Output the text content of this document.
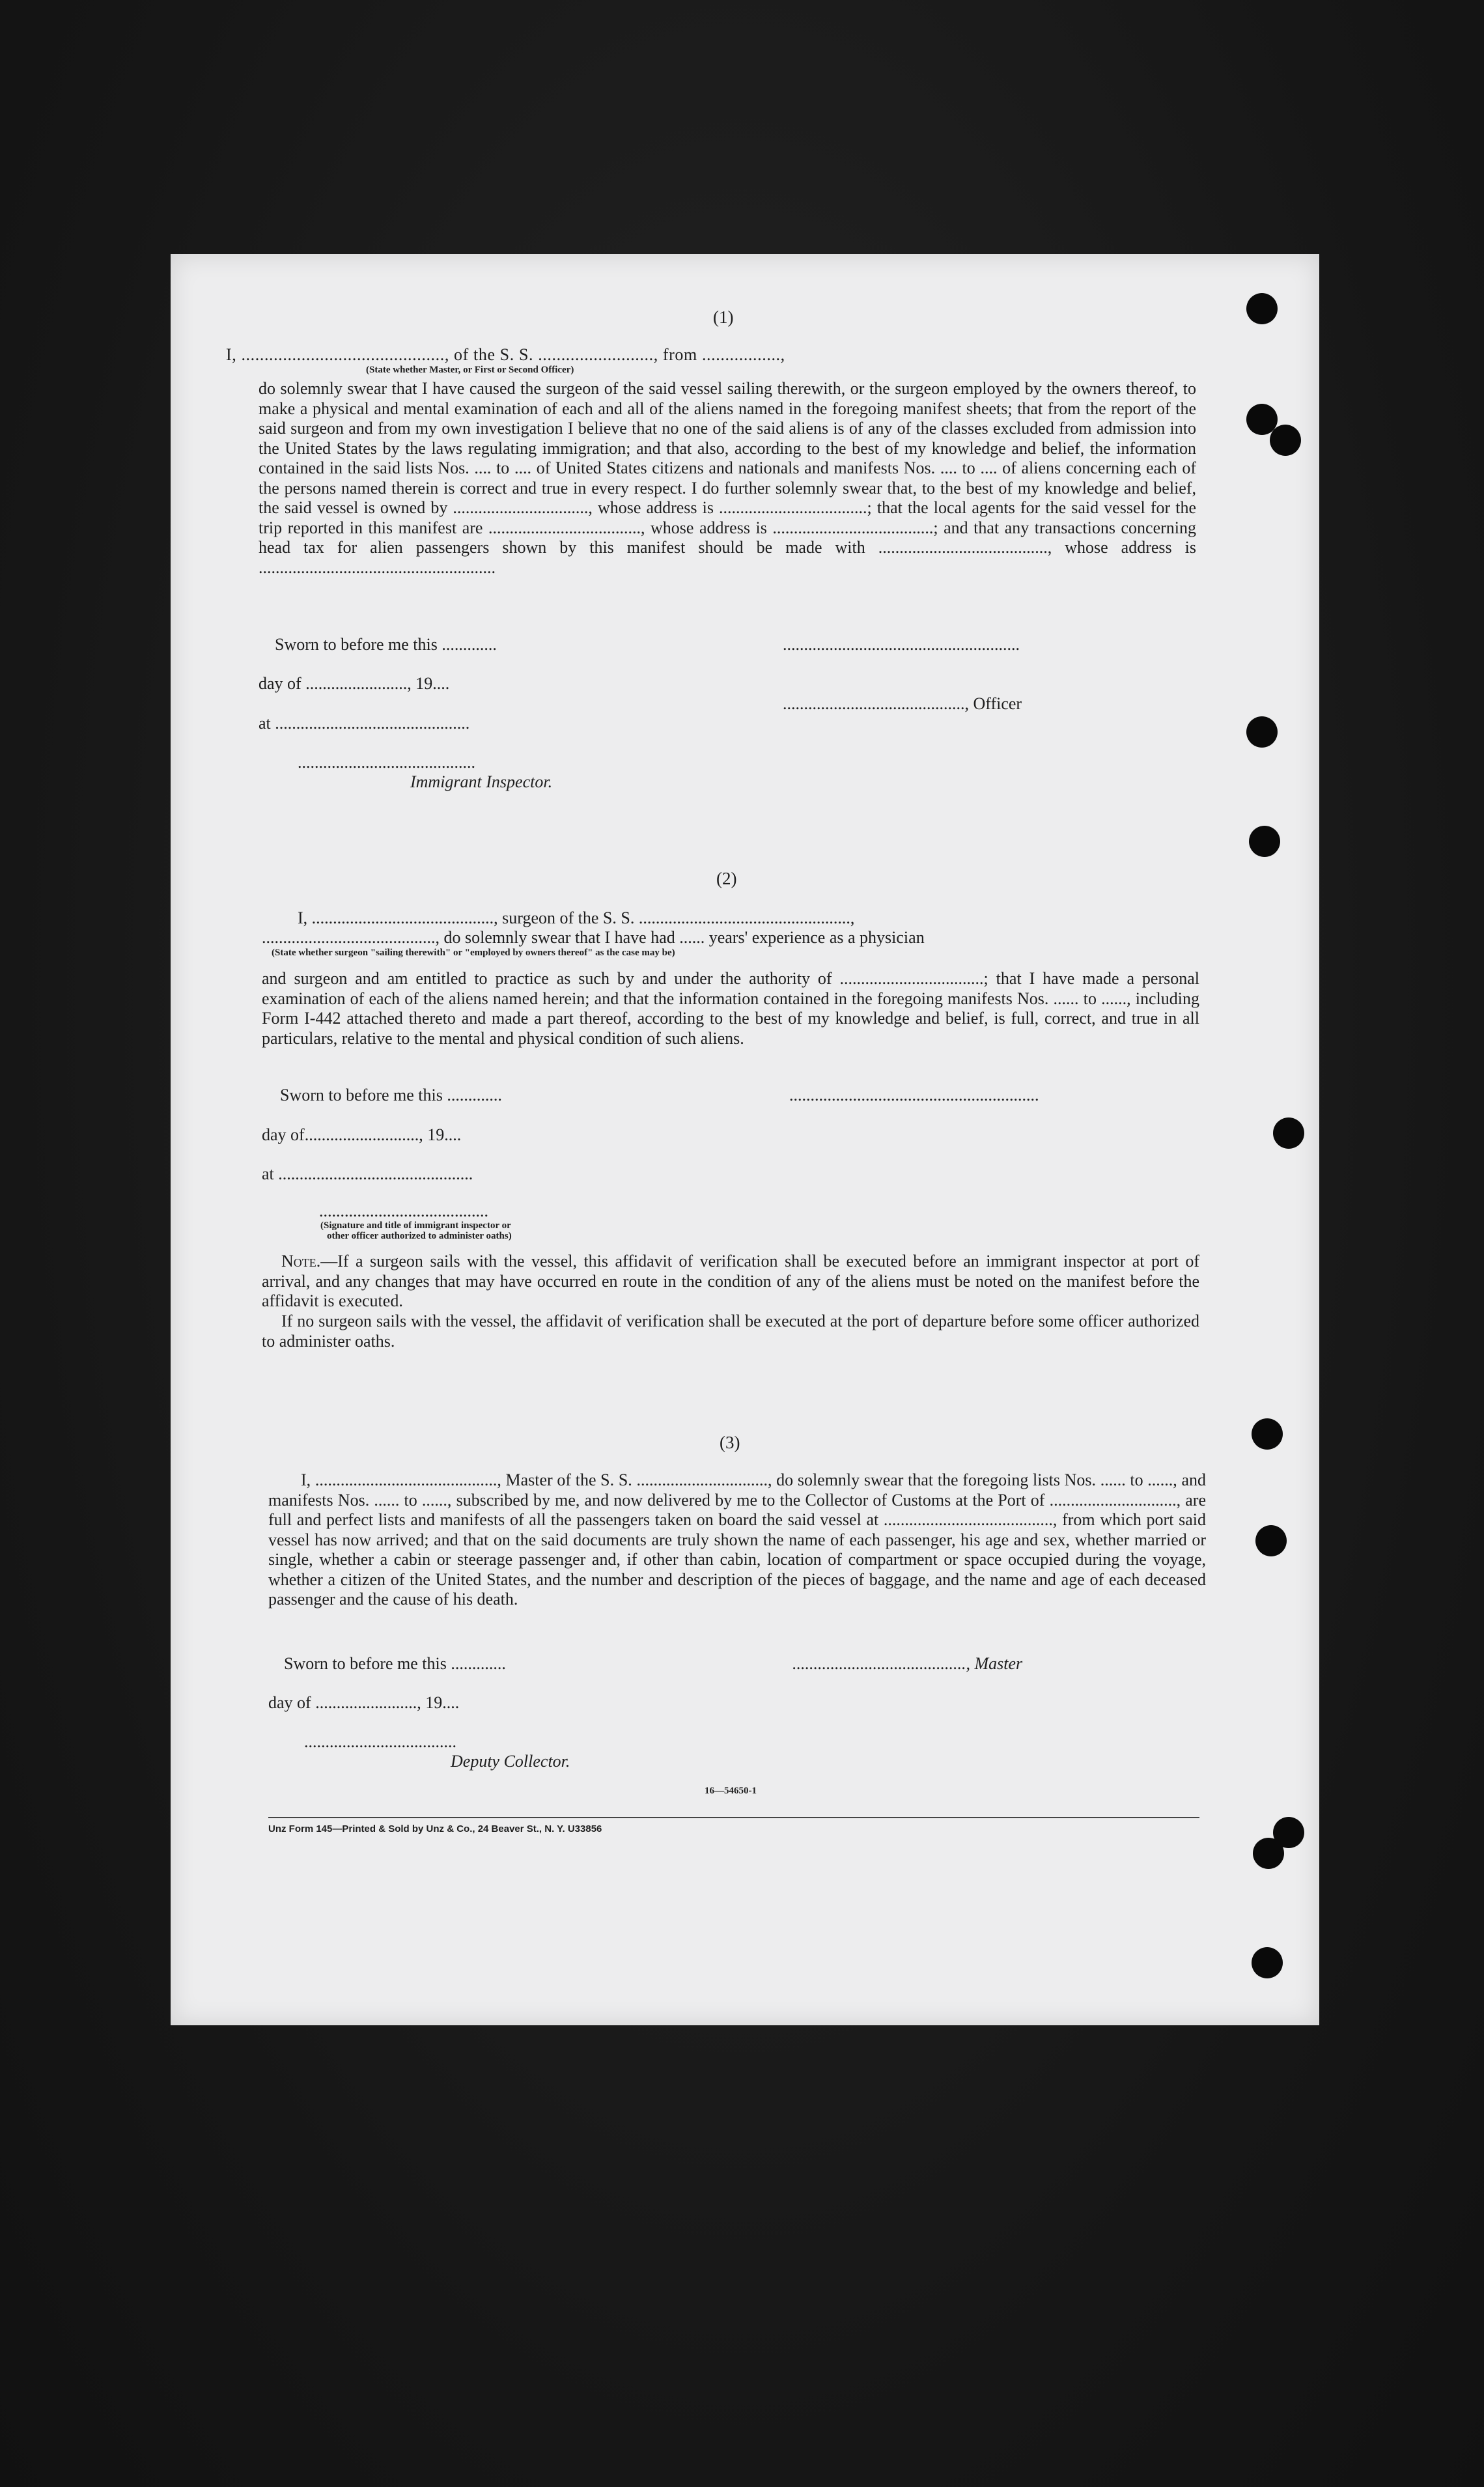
(1)
I, ............................................, of the S. S. ........................., from .................,
(State whether Master, or First or Second Officer)
do solemnly swear that I have caused the surgeon of the said vessel sailing therewith, or the surgeon employed by the owners thereof, to make a physical and mental examination of each and all of the aliens named in the foregoing manifest sheets; that from the report of the said surgeon and from my own investigation I believe that no one of the said aliens is of any of the classes excluded from admission into the United States by the laws regulating immigration; and that also, according to the best of my knowledge and belief, the information contained in the said lists Nos. .... to .... of United States citizens and nationals and manifests Nos. .... to .... of aliens concerning each of the persons named therein is correct and true in every respect. I do further solemnly swear that, to the best of my knowledge and belief, the said vessel is owned by ................................, whose address is ...................................; that the local agents for the said vessel for the trip reported in this manifest are ...................................., whose address is ......................................; and that any transactions concerning head tax for alien passengers shown by this manifest should be made with ........................................, whose address is ........................................................
Sworn to before me this .............	........................................................
day of ........................, 19....
..........................................., Officer
at ..............................................
..........................................
Immigrant Inspector.
(2)
I, ..........................................., surgeon of the S. S. ..................................................,
........................................., do solemnly swear that I have had ...... years' experience as a physician
(State whether surgeon "sailing therewith" or "employed by owners thereof" as the case may be)
and surgeon and am entitled to practice as such by and under the authority of ..................................; that I have made a personal examination of each of the aliens named herein; and that the information contained in the foregoing manifests Nos. ...... to ......, including Form I-442 attached thereto and made a part thereof, according to the best of my knowledge and belief, is full, correct, and true in all particulars, relative to the mental and physical condition of such aliens.
Sworn to before me this .............	...........................................................
day of..........................., 19....
at ..............................................
........................................
(Signature and title of immigrant inspector or
other officer authorized to administer oaths)
Note.—If a surgeon sails with the vessel, this affidavit of verification shall be executed before an immigrant inspector at port of arrival, and any changes that may have occurred en route in the condition of any of the aliens must be noted on the manifest before the affidavit is executed.
If no surgeon sails with the vessel, the affidavit of verification shall be executed at the port of departure before some officer authorized to administer oaths.
(3)
I, ..........................................., Master of the S. S. ..............................., do solemnly swear that the foregoing lists Nos. ...... to ......, and manifests Nos. ...... to ......, subscribed by me, and now delivered by me to the Collector of Customs at the Port of .............................., are full and perfect lists and manifests of all the passengers taken on board the said vessel at ........................................, from which port said vessel has now arrived; and that on the said documents are truly shown the name of each passenger, his age and sex, whether married or single, whether a cabin or steerage passenger and, if other than cabin, location of compartment or space occupied during the voyage, whether a citizen of the United States, and the number and description of the pieces of baggage, and the name and age of each deceased passenger and the cause of his death.
Sworn to before me this .............	........................................., Master
day of ........................, 19....
....................................
Deputy Collector.
16—54650-1
Unz Form 145—Printed & Sold by Unz & Co., 24 Beaver St., N. Y. U33856
